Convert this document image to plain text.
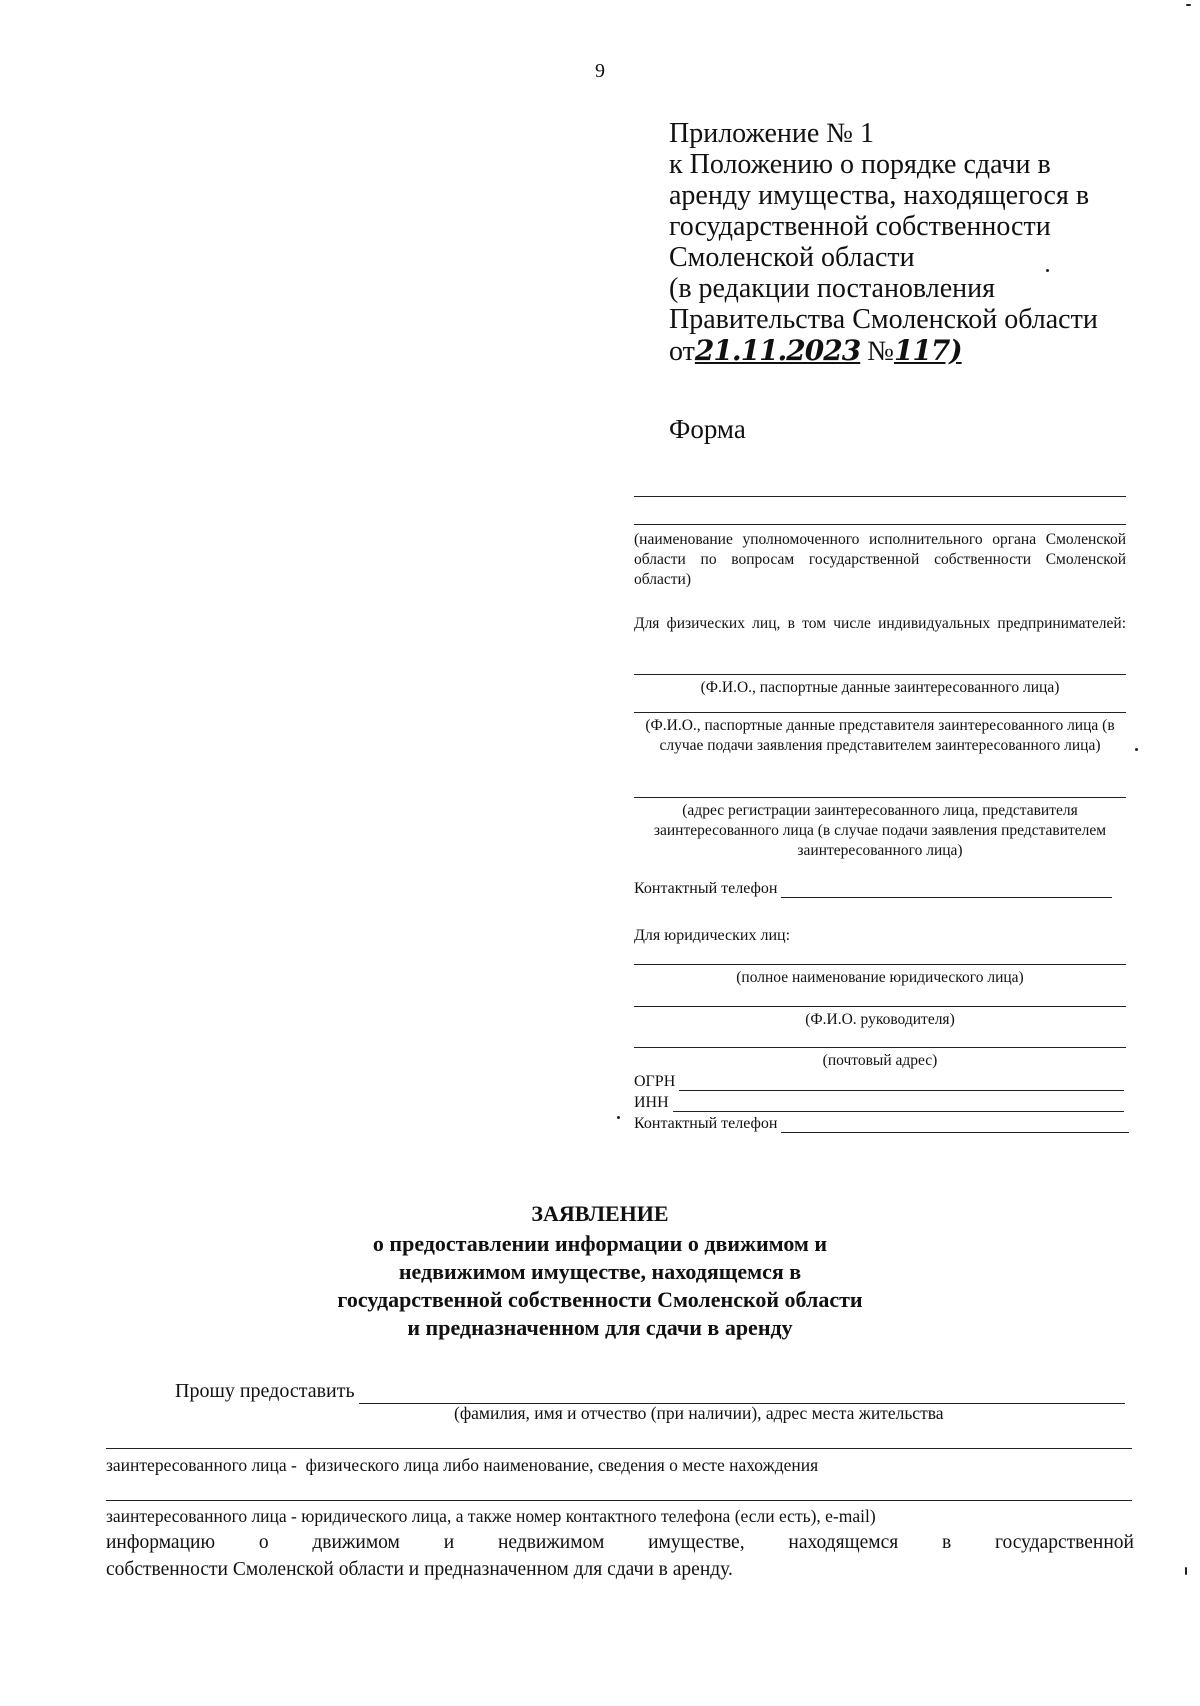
9
Приложение № 1
к Положению о порядке сдачи в
аренду имущества, находящегося в
государственной собственности
Смоленской области
(в редакции постановления
Правительства Смоленской области
от21.11.2023 №117)
Форма
(наименование уполномоченного исполнительного органа Смоленской области по вопросам государственной собственности Смоленской области)
Для физических лиц, в том числе индивидуальных предпринимателей:
(Ф.И.О., паспортные данные заинтересованного лица)
(Ф.И.О., паспортные данные представителя заинтересованного лица (в случае подачи заявления представителем заинтересованного лица)
(адрес регистрации заинтересованного лица, представителя заинтересованного лица (в случае подачи заявления представителем заинтересованного лица)
Контактный телефон
Для юридических лиц:
(полное наименование юридического лица)
(Ф.И.О. руководителя)
(почтовый адрес)
ОГРН
ИНН
Контактный телефон
ЗАЯВЛЕНИЕ
о предоставлении информации о движимом и
недвижимом имуществе, находящемся в
государственной собственности Смоленской области
и предназначенном для сдачи в аренду
Прошу предоставить
(фамилия, имя и отчество (при наличии), адрес места жительства
заинтересованного лица -  физического лица либо наименование, сведения о месте нахождения
заинтересованного лица - юридического лица, а также номер контактного телефона (если есть), e-mail)
информацию о движимом и недвижимом имуществе, находящемся в государственной
собственности Смоленской области и предназначенном для сдачи в аренду.
